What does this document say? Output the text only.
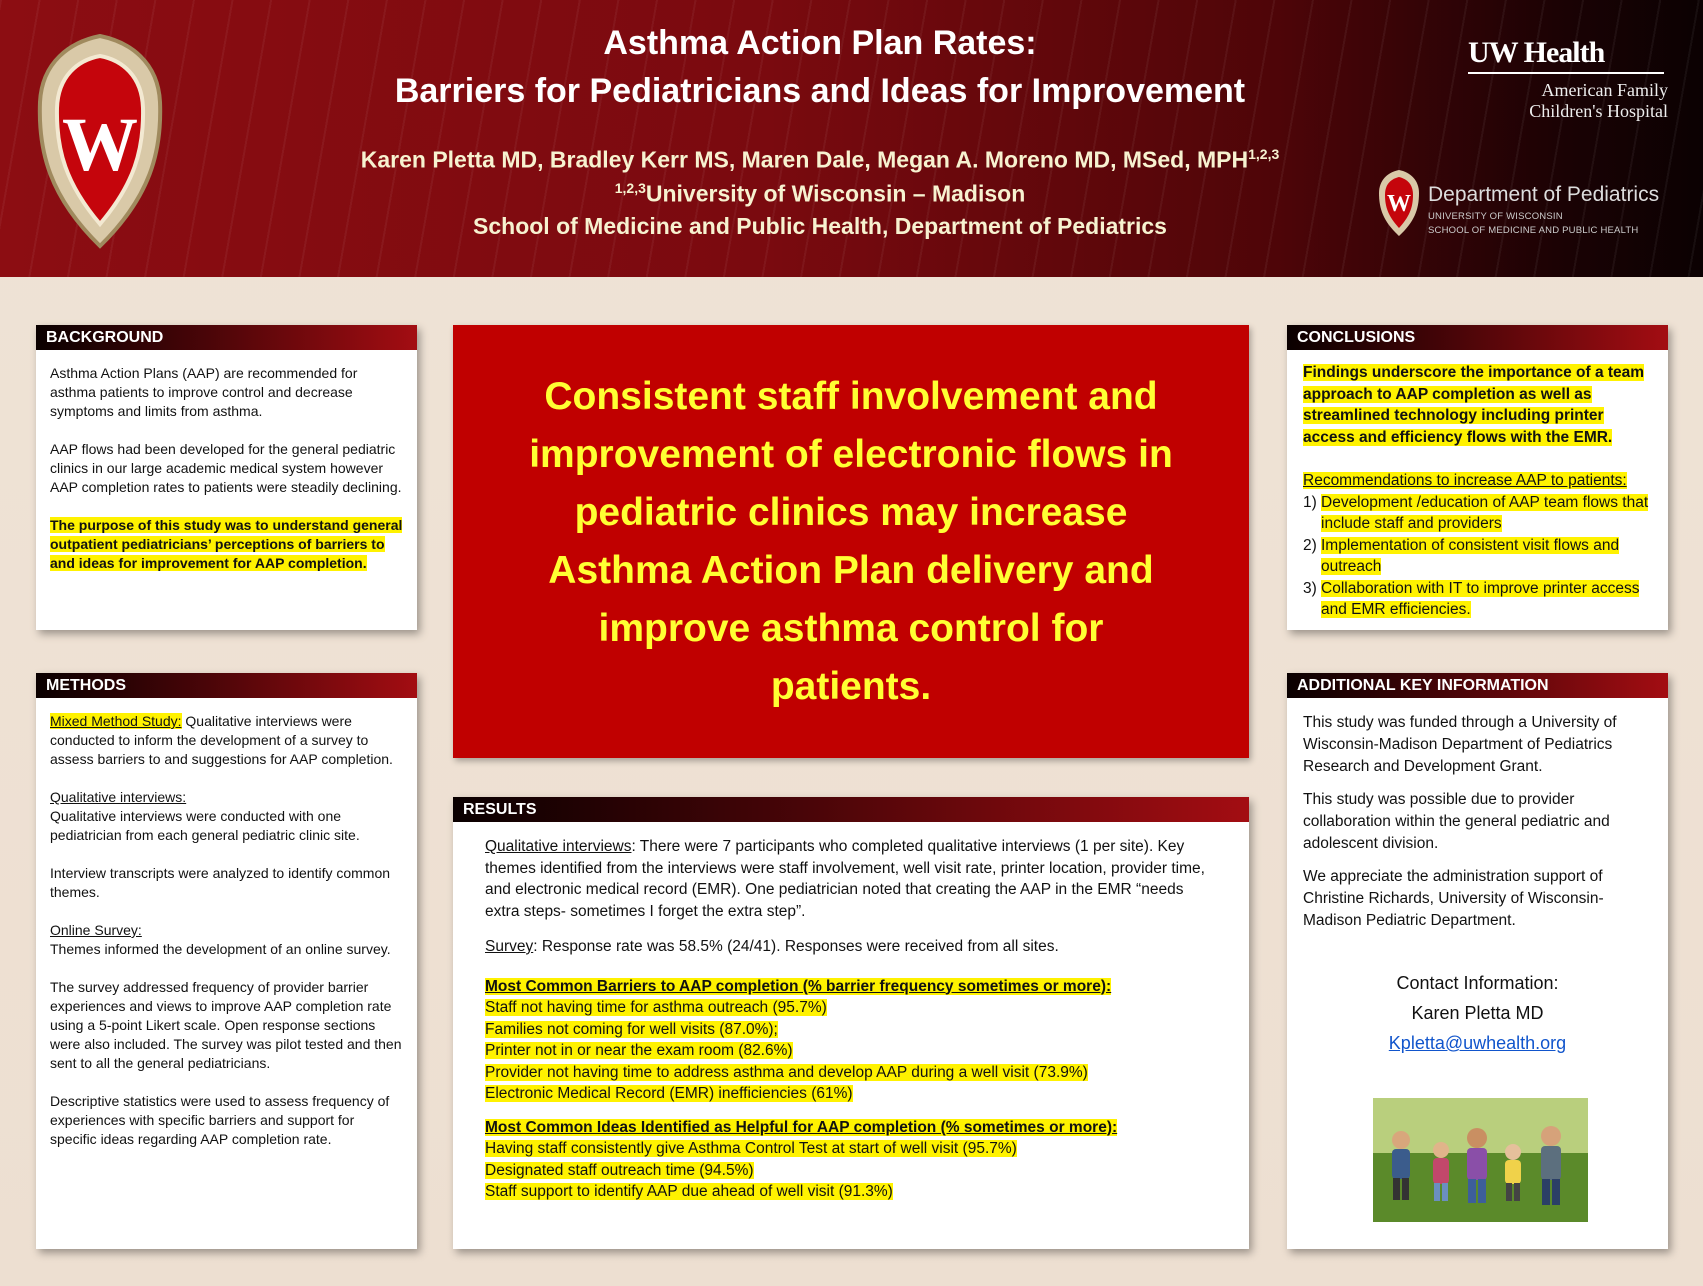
W
Asthma Action Plan Rates:
Barriers for Pediatricians and Ideas for Improvement
Karen Pletta MD, Bradley Kerr MS, Maren Dale, Megan A. Moreno MD, MSed, MPH$^{1,2,3}$
$^{1,2,3}$University of Wisconsin – Madison
School of Medicine and Public Health, Department of Pediatrics
UW Health
American Family
Children's Hospital
W Department of Pediatrics
UNIVERSITY OF WISCONSIN
SCHOOL OF MEDICINE AND PUBLIC HEALTH
BACKGROUND

Asthma Action Plans (AAP) are recommended for asthma patients to improve control and decrease symptoms and limits from asthma.

AAP flows had been developed for the general pediatric clinics in our large academic medical system however AAP completion rates to patients were steadily declining.

The purpose of this study was to understand general outpatient pediatricians’ perceptions of barriers to and ideas for improvement for AAP completion.

METHODS

Mixed Method Study: Qualitative interviews were conducted to inform the development of a survey to assess barriers to and suggestions for AAP completion.

Qualitative interviews:
Qualitative interviews were conducted with one pediatrician from each general pediatric clinic site.

Interview transcripts were analyzed to identify common themes.

Online Survey:
Themes informed the development of an online survey.

The survey addressed frequency of provider barrier experiences and views to improve AAP completion rate using a 5-point Likert scale. Open response sections were also included. The survey was pilot tested and then sent to all the general pediatricians.

Descriptive statistics were used to assess frequency of experiences with specific barriers and support for specific ideas regarding AAP completion rate.

Consistent staff involvement and improvement of electronic flows in pediatric clinics may increase Asthma Action Plan delivery and improve asthma control for patients.
RESULTS

Qualitative interviews: There were 7 participants who completed qualitative interviews (1 per site). Key themes identified from the interviews were staff involvement, well visit rate, printer location, provider time, and electronic medical record (EMR). One pediatrician noted that creating the AAP in the EMR “needs extra steps- sometimes I forget the extra step”.

Survey: Response rate was 58.5% (24/41). Responses were received from all sites.

Most Common Barriers to AAP completion (% barrier frequency sometimes or more):
Staff not having time for asthma outreach (95.7%)
Families not coming for well visits (87.0%);
Printer not in or near the exam room (82.6%)
Provider not having time to address asthma and develop AAP during a well visit (73.9%)
Electronic Medical Record (EMR) inefficiencies (61%)
Most Common Ideas Identified as Helpful for AAP completion (% sometimes or more):
Having staff consistently give Asthma Control Test at start of well visit (95.7%)
Designated staff outreach time (94.5%)
Staff support to identify AAP due ahead of well visit (91.3%)
CONCLUSIONS

Findings underscore the importance of a team approach to AAP completion as well as streamlined technology including printer access and efficiency flows with the EMR.

Recommendations to increase AAP to patients:
1) Development /education of AAP team flows that include staff and providers
2) Implementation of consistent visit flows and outreach
3) Collaboration with IT to improve printer access and EMR efficiencies.
ADDITIONAL KEY INFORMATION

This study was funded through a University of Wisconsin-Madison Department of Pediatrics Research and Development Grant.

This study was possible due to provider collaboration within the general pediatric and adolescent division.

We appreciate the administration support of Christine Richards, University of Wisconsin-Madison Pediatric Department.

Contact Information:
Karen Pletta MD
Kpletta@uwhealth.org
